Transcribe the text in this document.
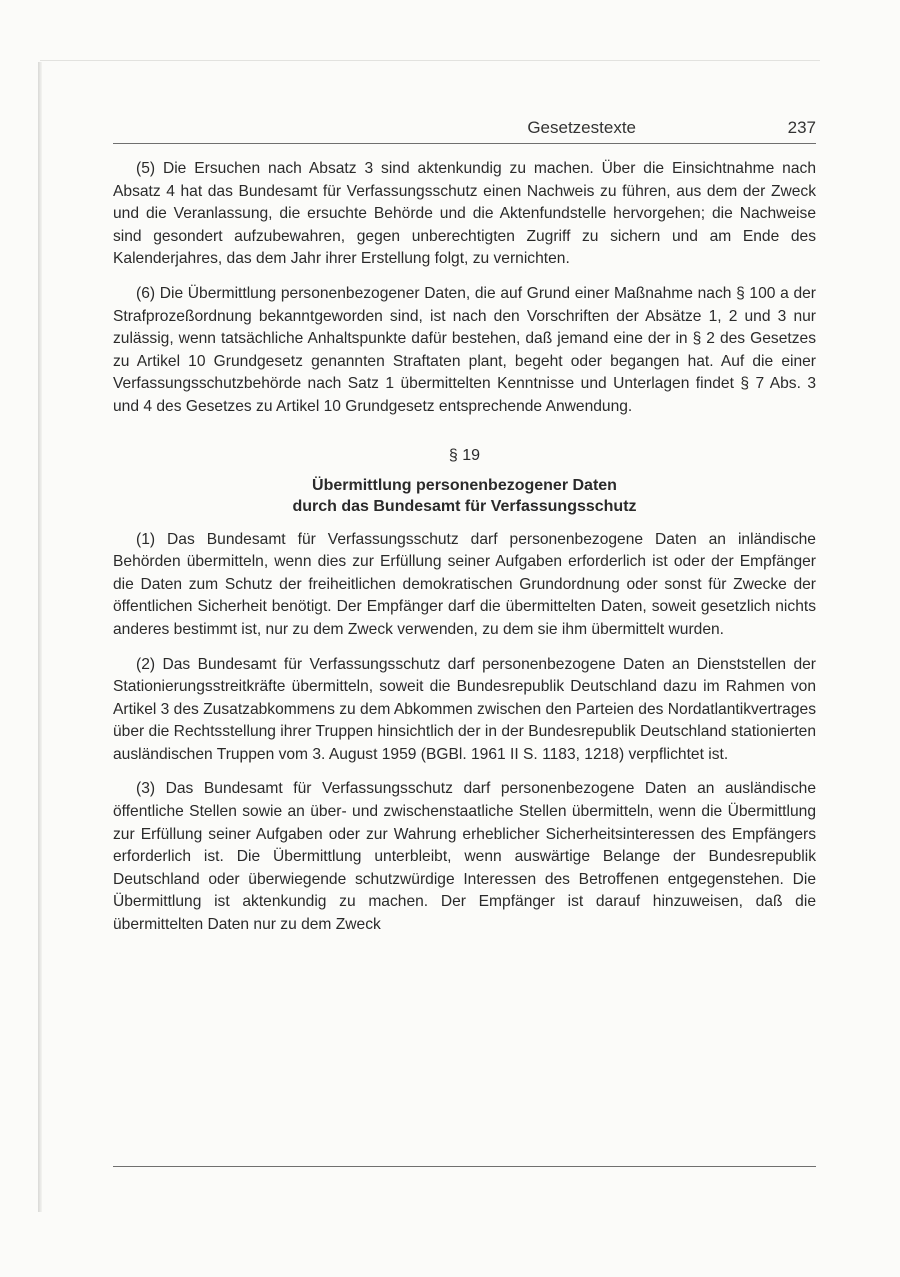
Gesetzestexte	237

(5) Die Ersuchen nach Absatz 3 sind aktenkundig zu machen. Über die Einsichtnahme nach Absatz 4 hat das Bundesamt für Verfassungsschutz einen Nachweis zu führen, aus dem der Zweck und die Veranlassung, die ersuchte Behörde und die Aktenfundstelle hervorgehen; die Nachweise sind gesondert aufzubewahren, gegen unberechtigten Zugriff zu sichern und am Ende des Kalenderjahres, das dem Jahr ihrer Erstellung folgt, zu vernichten.

(6) Die Übermittlung personenbezogener Daten, die auf Grund einer Maßnahme nach § 100 a der Strafprozeßordnung bekanntgeworden sind, ist nach den Vorschriften der Absätze 1, 2 und 3 nur zulässig, wenn tatsächliche Anhaltspunkte dafür bestehen, daß jemand eine der in § 2 des Gesetzes zu Artikel 10 Grundgesetz genannten Straftaten plant, begeht oder begangen hat. Auf die einer Verfassungsschutzbehörde nach Satz 1 übermittelten Kenntnisse und Unterlagen findet § 7 Abs. 3 und 4 des Gesetzes zu Artikel 10 Grundgesetz entsprechende Anwendung.

§ 19
Übermittlung personenbezogener Daten
durch das Bundesamt für Verfassungsschutz

(1) Das Bundesamt für Verfassungsschutz darf personenbezogene Daten an inländische Behörden übermitteln, wenn dies zur Erfüllung seiner Aufgaben erforderlich ist oder der Empfänger die Daten zum Schutz der freiheitlichen demokratischen Grundordnung oder sonst für Zwecke der öffentlichen Sicherheit benötigt. Der Empfänger darf die übermittelten Daten, soweit gesetzlich nichts anderes bestimmt ist, nur zu dem Zweck verwenden, zu dem sie ihm übermittelt wurden.

(2) Das Bundesamt für Verfassungsschutz darf personenbezogene Daten an Dienststellen der Stationierungsstreitkräfte übermitteln, soweit die Bundesrepublik Deutschland dazu im Rahmen von Artikel 3 des Zusatzabkommens zu dem Abkommen zwischen den Parteien des Nordatlantikvertrages über die Rechtsstellung ihrer Truppen hinsichtlich der in der Bundesrepublik Deutschland stationierten ausländischen Truppen vom 3. August 1959 (BGBl. 1961 II S. 1183, 1218) verpflichtet ist.

(3) Das Bundesamt für Verfassungsschutz darf personenbezogene Daten an ausländische öffentliche Stellen sowie an über- und zwischenstaatliche Stellen übermitteln, wenn die Übermittlung zur Erfüllung seiner Aufgaben oder zur Wahrung erheblicher Sicherheitsinteressen des Empfängers erforderlich ist. Die Übermittlung unterbleibt, wenn auswärtige Belange der Bundesrepublik Deutschland oder überwiegende schutzwürdige Interessen des Betroffenen entgegenstehen. Die Übermittlung ist aktenkundig zu machen. Der Empfänger ist darauf hinzuweisen, daß die übermittelten Daten nur zu dem Zweck
